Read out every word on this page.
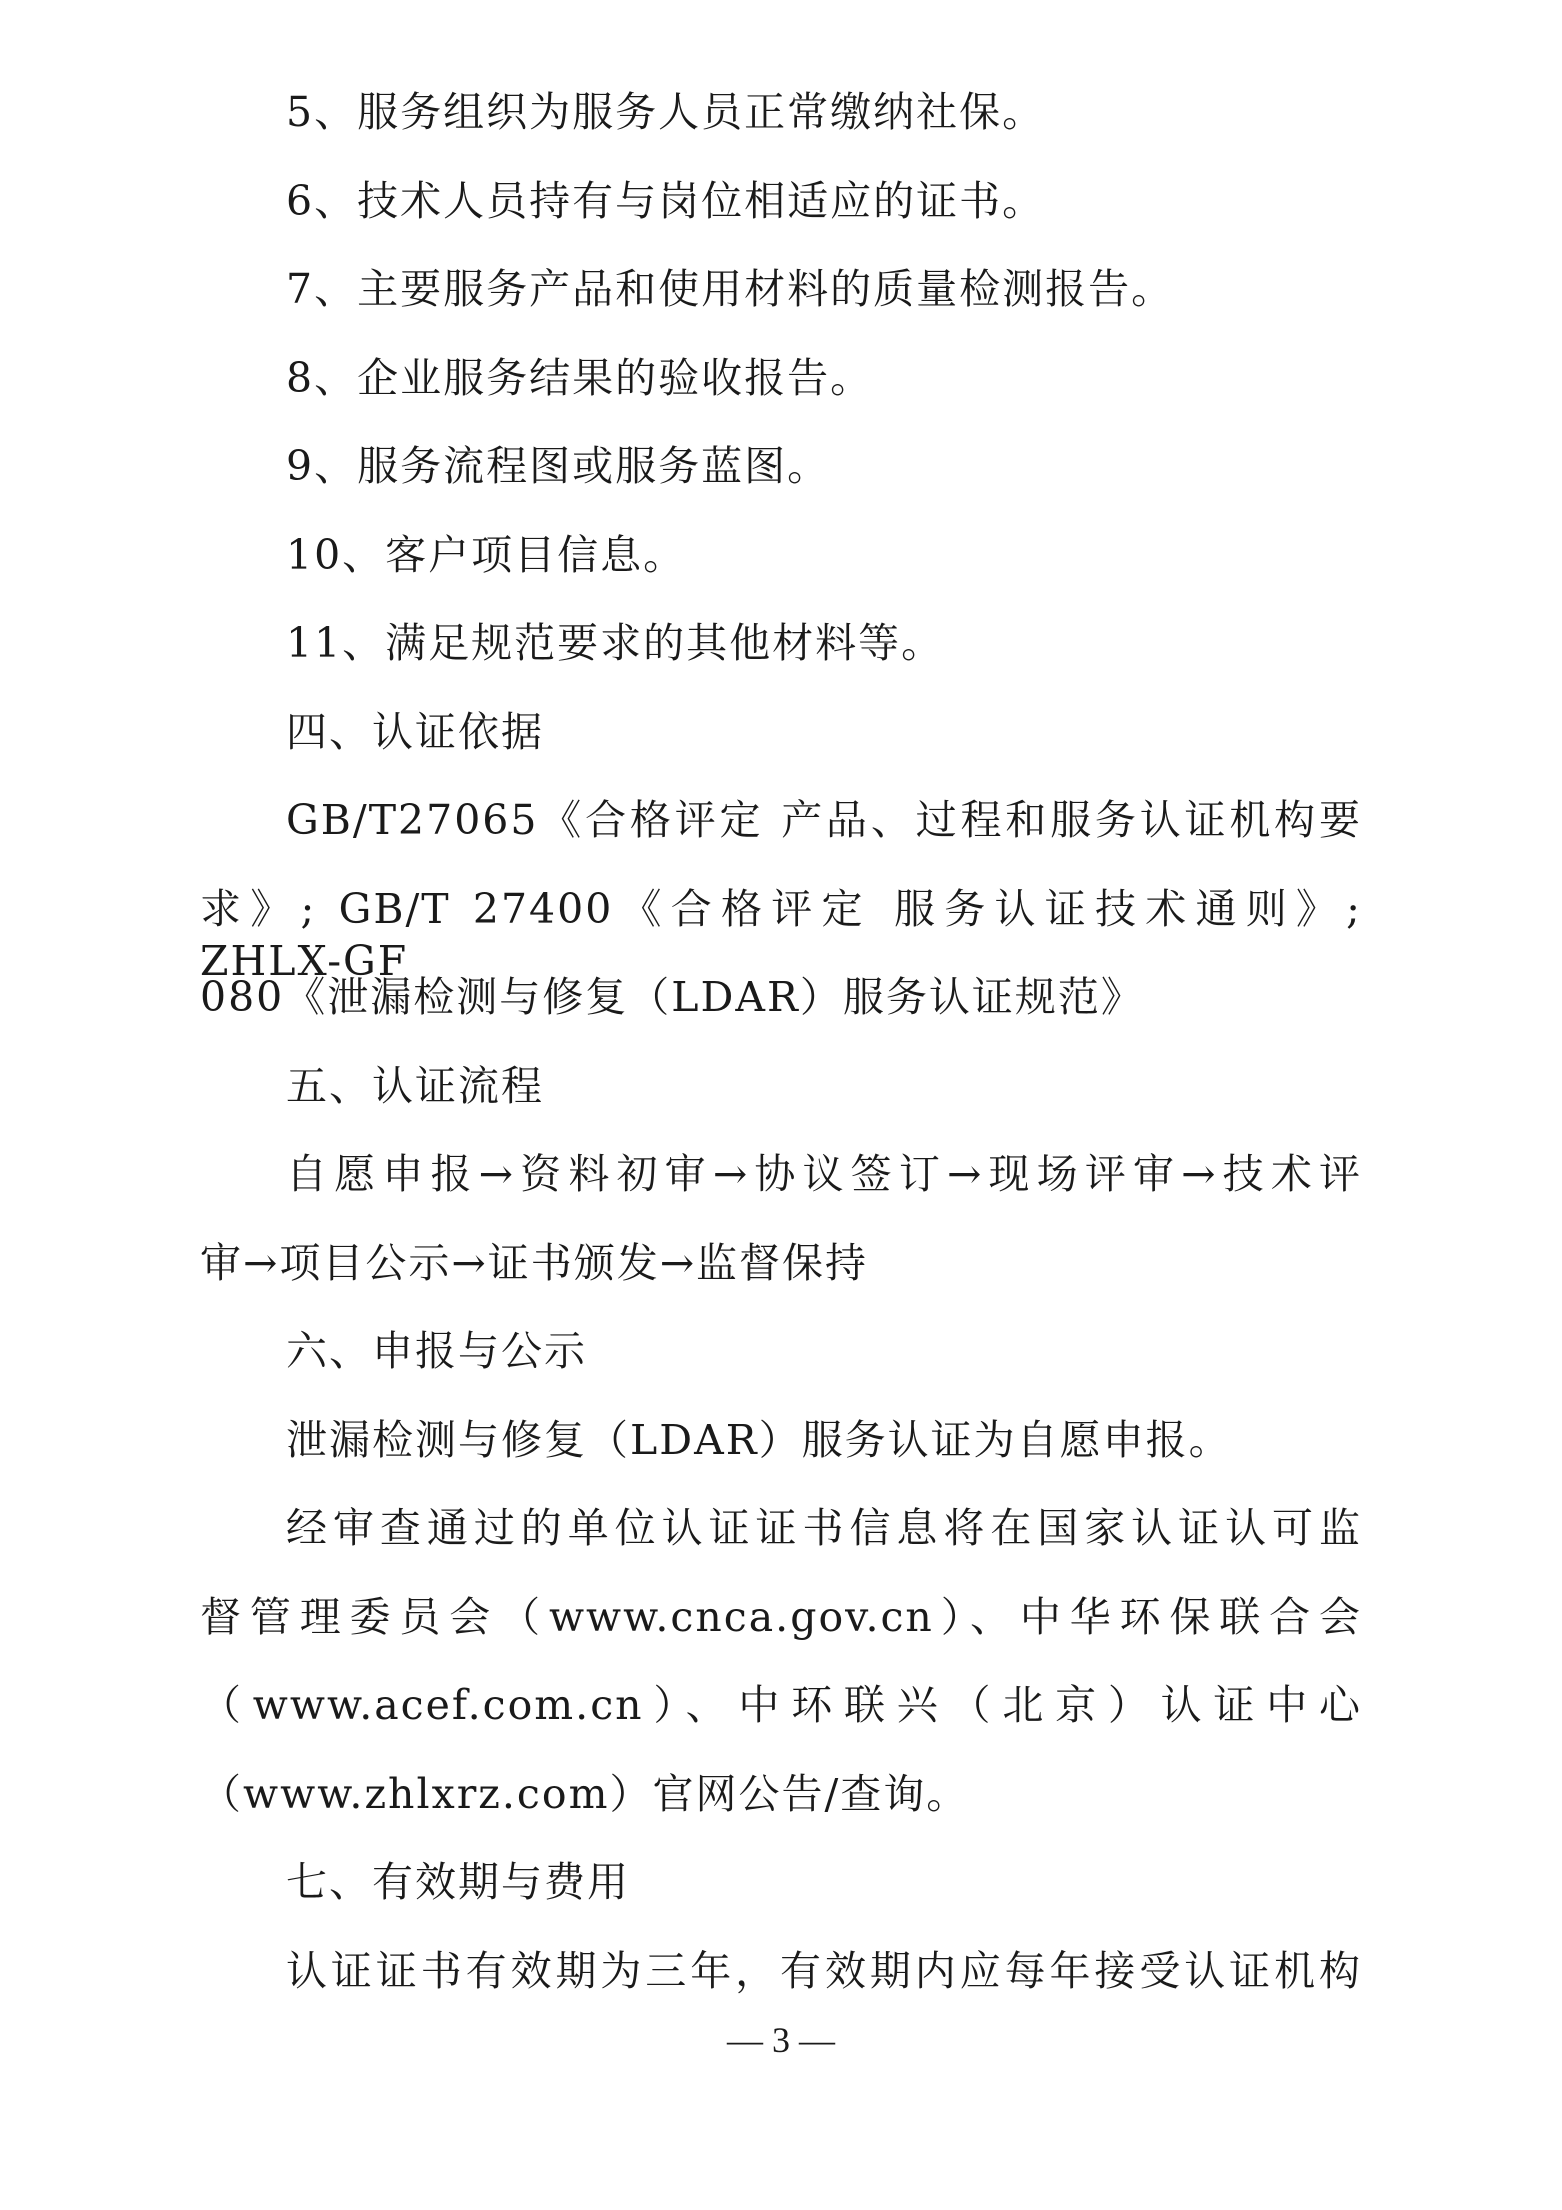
5、服务组织为服务人员正常缴纳社保。
6、技术人员持有与岗位相适应的证书。
7、主要服务产品和使用材料的质量检测报告。
8、企业服务结果的验收报告。
9、服务流程图或服务蓝图。
10、客户项目信息。
11、满足规范要求的其他材料等。
四、认证依据
GB/T27065《合格评定 产品、过程和服务认证机构要
求》; GB/T 27400《合格评定 服务认证技术通则》; ZHLX-GF
080《泄漏检测与修复（LDAR）服务认证规范》
五、认证流程
自愿申报→资料初审→协议签订→现场评审→技术评
审→项目公示→证书颁发→监督保持
六、申报与公示
泄漏检测与修复（LDAR）服务认证为自愿申报。
经审查通过的单位认证证书信息将在国家认证认可监
督管理委员会（www.cnca.gov.cn）、中华环保联合会
（www.acef.com.cn）、中环联兴（北京）认证中心
（www.zhlxrz.com）官网公告/查询。
七、有效期与费用
认证证书有效期为三年，有效期内应每年接受认证机构
— 3 —
